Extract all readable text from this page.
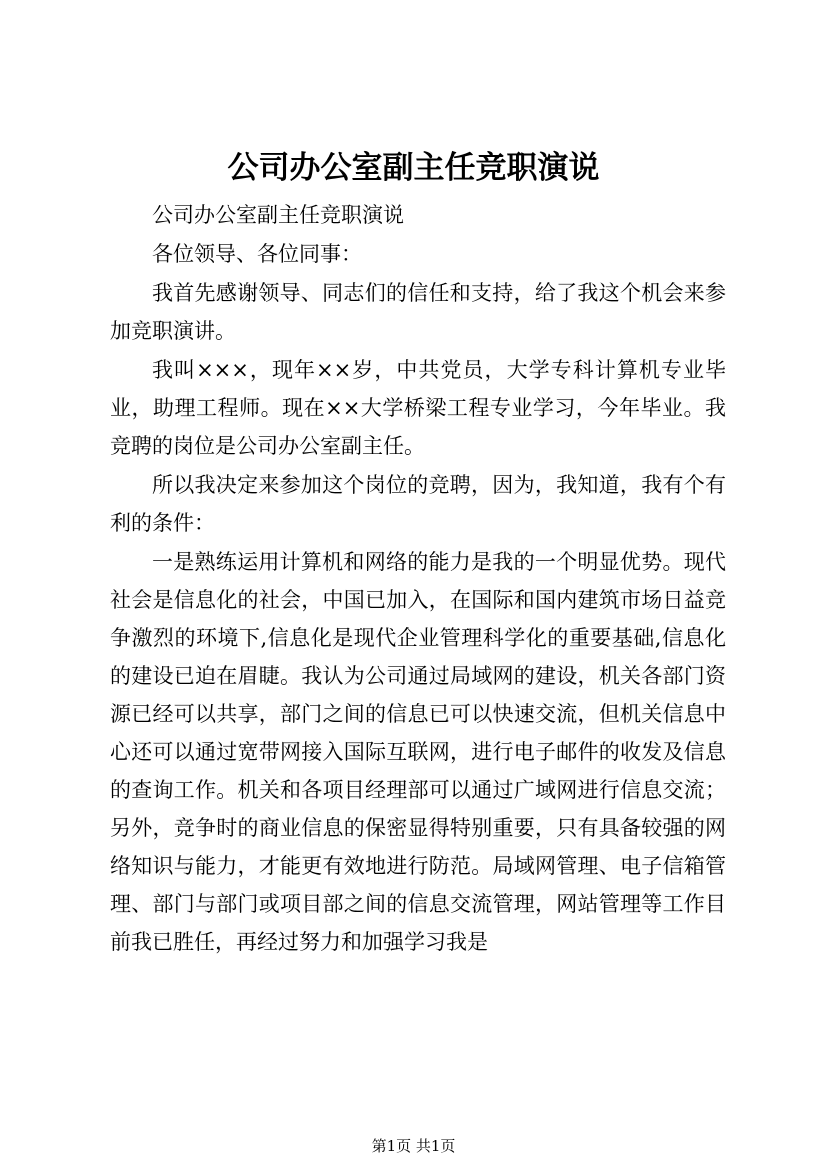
公司办公室副主任竞职演说

公司办公室副主任竞职演说

各位领导、各位同事：

我首先感谢领导、同志们的信任和支持，给了我这个机会来参加竞职演讲。

我叫×××，现年××岁，中共党员，大学专科计算机专业毕业，助理工程师。现在××大学桥梁工程专业学习，今年毕业。我竞聘的岗位是公司办公室副主任。

所以我决定来参加这个岗位的竞聘，因为，我知道，我有个有利的条件：

一是熟练运用计算机和网络的能力是我的一个明显优势。现代社会是信息化的社会，中国已加入，在国际和国内建筑市场日益竞争激烈的环境下,信息化是现代企业管理科学化的重要基础,信息化的建设已迫在眉睫。我认为公司通过局域网的建设，机关各部门资源已经可以共享，部门之间的信息已可以快速交流，但机关信息中心还可以通过宽带网接入国际互联网，进行电子邮件的收发及信息的查询工作。机关和各项目经理部可以通过广域网进行信息交流；另外，竞争时的商业信息的保密显得特别重要，只有具备较强的网络知识与能力，才能更有效地进行防范。局域网管理、电子信箱管理、部门与部门或项目部之间的信息交流管理，网站管理等工作目前我已胜任，再经过努力和加强学习我是

第1页 共1页
